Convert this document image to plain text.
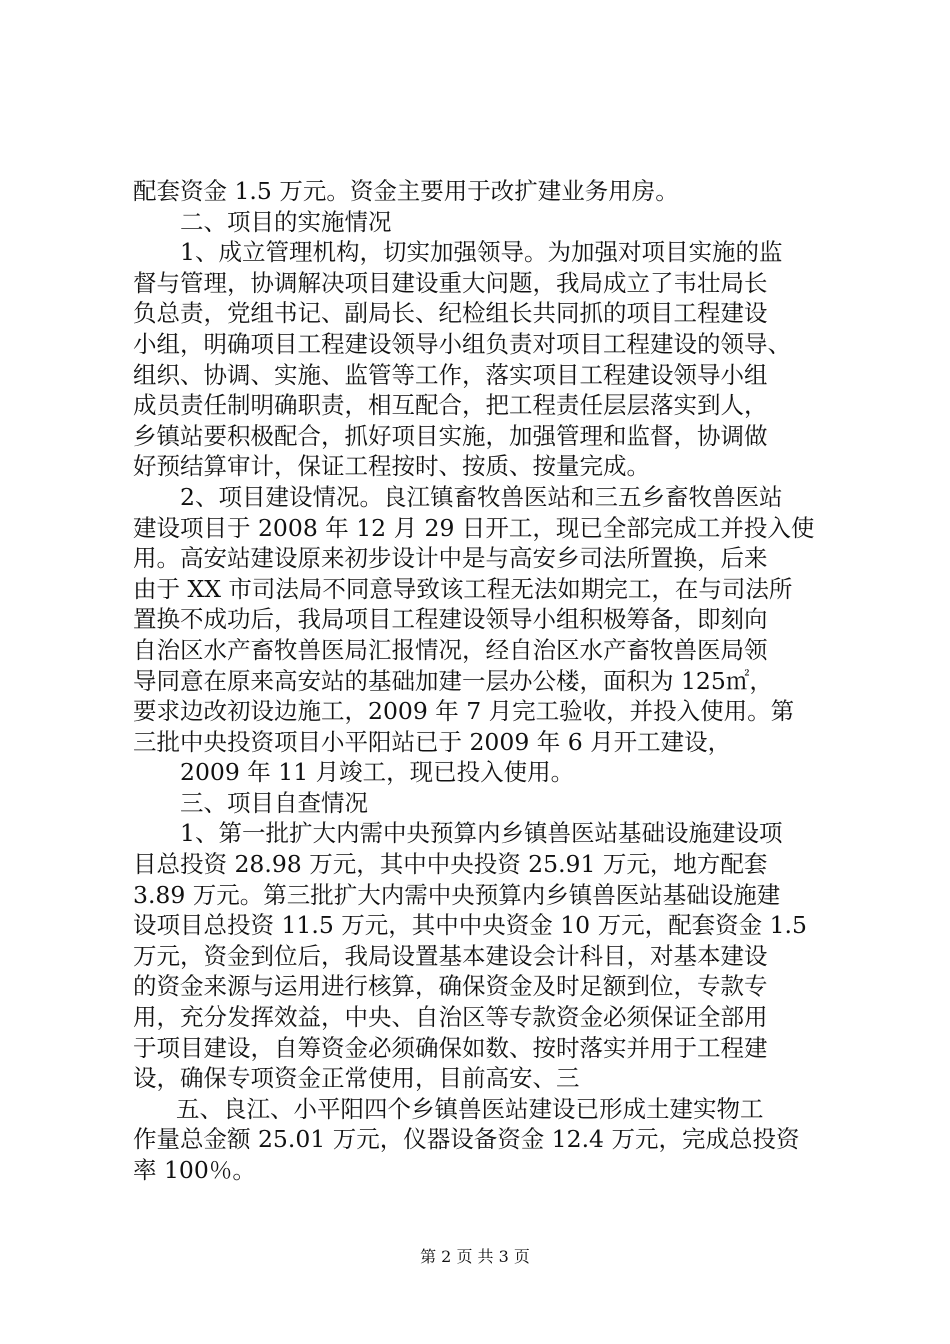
配套资金 1.5 万元。资金主要用于改扩建业务用房。
二、项目的实施情况
1、成立管理机构，切实加强领导。为加强对项目实施的监
督与管理，协调解决项目建设重大问题，我局成立了韦壮局长
负总责，党组书记、副局长、纪检组长共同抓的项目工程建设
小组，明确项目工程建设领导小组负责对项目工程建设的领导、
组织、协调、实施、监管等工作，落实项目工程建设领导小组
成员责任制明确职责，相互配合，把工程责任层层落实到人，
乡镇站要积极配合，抓好项目实施，加强管理和监督，协调做
好预结算审计，保证工程按时、按质、按量完成。
2、项目建设情况。良江镇畜牧兽医站和三五乡畜牧兽医站
建设项目于 2008 年 12 月 29 日开工，现已全部完成工并投入使
用。高安站建设原来初步设计中是与高安乡司法所置换，后来
由于 XX 市司法局不同意导致该工程无法如期完工，在与司法所
置换不成功后，我局项目工程建设领导小组积极筹备，即刻向
自治区水产畜牧兽医局汇报情况，经自治区水产畜牧兽医局领
导同意在原来高安站的基础加建一层办公楼，面积为 125㎡，
要求边改初设边施工，2009 年 7 月完工验收，并投入使用。第
三批中央投资项目小平阳站已于 2009 年 6 月开工建设，
2009 年 11 月竣工，现已投入使用。
三、项目自查情况
1、第一批扩大内需中央预算内乡镇兽医站基础设施建设项
目总投资 28.98 万元，其中中央投资 25.91 万元，地方配套
3.89 万元。第三批扩大内需中央预算内乡镇兽医站基础设施建
设项目总投资 11.5 万元，其中中央资金 10 万元，配套资金 1.5
万元，资金到位后，我局设置基本建设会计科目，对基本建设
的资金来源与运用进行核算，确保资金及时足额到位，专款专
用，充分发挥效益，中央、自治区等专款资金必须保证全部用
于项目建设，自筹资金必须确保如数、按时落实并用于工程建
设，确保专项资金正常使用，目前高安、三
五、良江、小平阳四个乡镇兽医站建设已形成土建实物工
作量总金额 25.01 万元，仪器设备资金 12.4 万元，完成总投资
率 100％。
第 2 页 共 3 页
